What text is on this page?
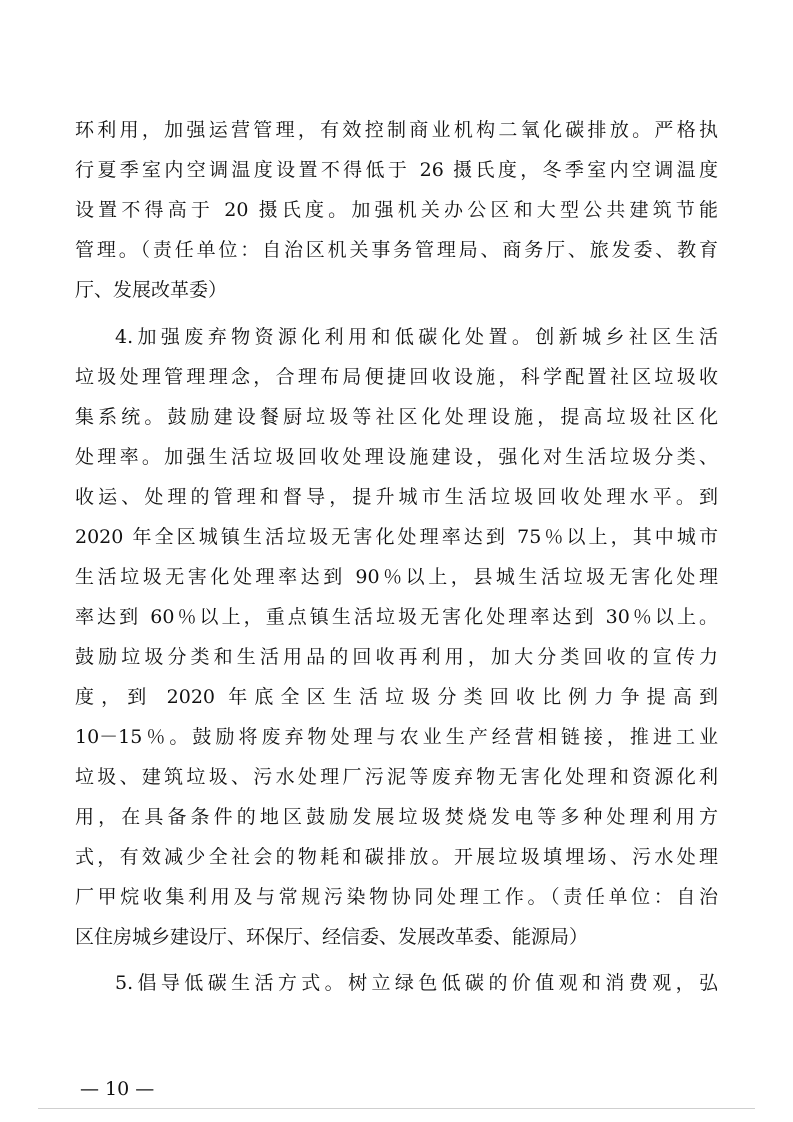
环利用，加强运营管理，有效控制商业机构二氧化碳排放。严格执
行夏季室内空调温度设置不得低于 26 摄氏度，冬季室内空调温度
设置不得高于 20 摄氏度。加强机关办公区和大型公共建筑节能
管理。（责任单位：自治区机关事务管理局、商务厅、旅发委、教育
厅、发展改革委）
4.加强废弃物资源化利用和低碳化处置。创新城乡社区生活
垃圾处理管理理念，合理布局便捷回收设施，科学配置社区垃圾收
集系统。鼓励建设餐厨垃圾等社区化处理设施，提高垃圾社区化
处理率。加强生活垃圾回收处理设施建设，强化对生活垃圾分类、
收运、处理的管理和督导，提升城市生活垃圾回收处理水平。到
2020 年全区城镇生活垃圾无害化处理率达到 75％以上，其中城市
生活垃圾无害化处理率达到 90％以上，县城生活垃圾无害化处理
率达到 60％以上，重点镇生活垃圾无害化处理率达到 30％以上。
鼓励垃圾分类和生活用品的回收再利用，加大分类回收的宣传力
度，到 2020 年底全区生活垃圾分类回收比例力争提高到
10－15％。鼓励将废弃物处理与农业生产经营相链接，推进工业
垃圾、建筑垃圾、污水处理厂污泥等废弃物无害化处理和资源化利
用，在具备条件的地区鼓励发展垃圾焚烧发电等多种处理利用方
式，有效减少全社会的物耗和碳排放。开展垃圾填埋场、污水处理
厂甲烷收集利用及与常规污染物协同处理工作。（责任单位：自治
区住房城乡建设厅、环保厅、经信委、发展改革委、能源局）
5.倡导低碳生活方式。树立绿色低碳的价值观和消费观，弘
— 10 —
